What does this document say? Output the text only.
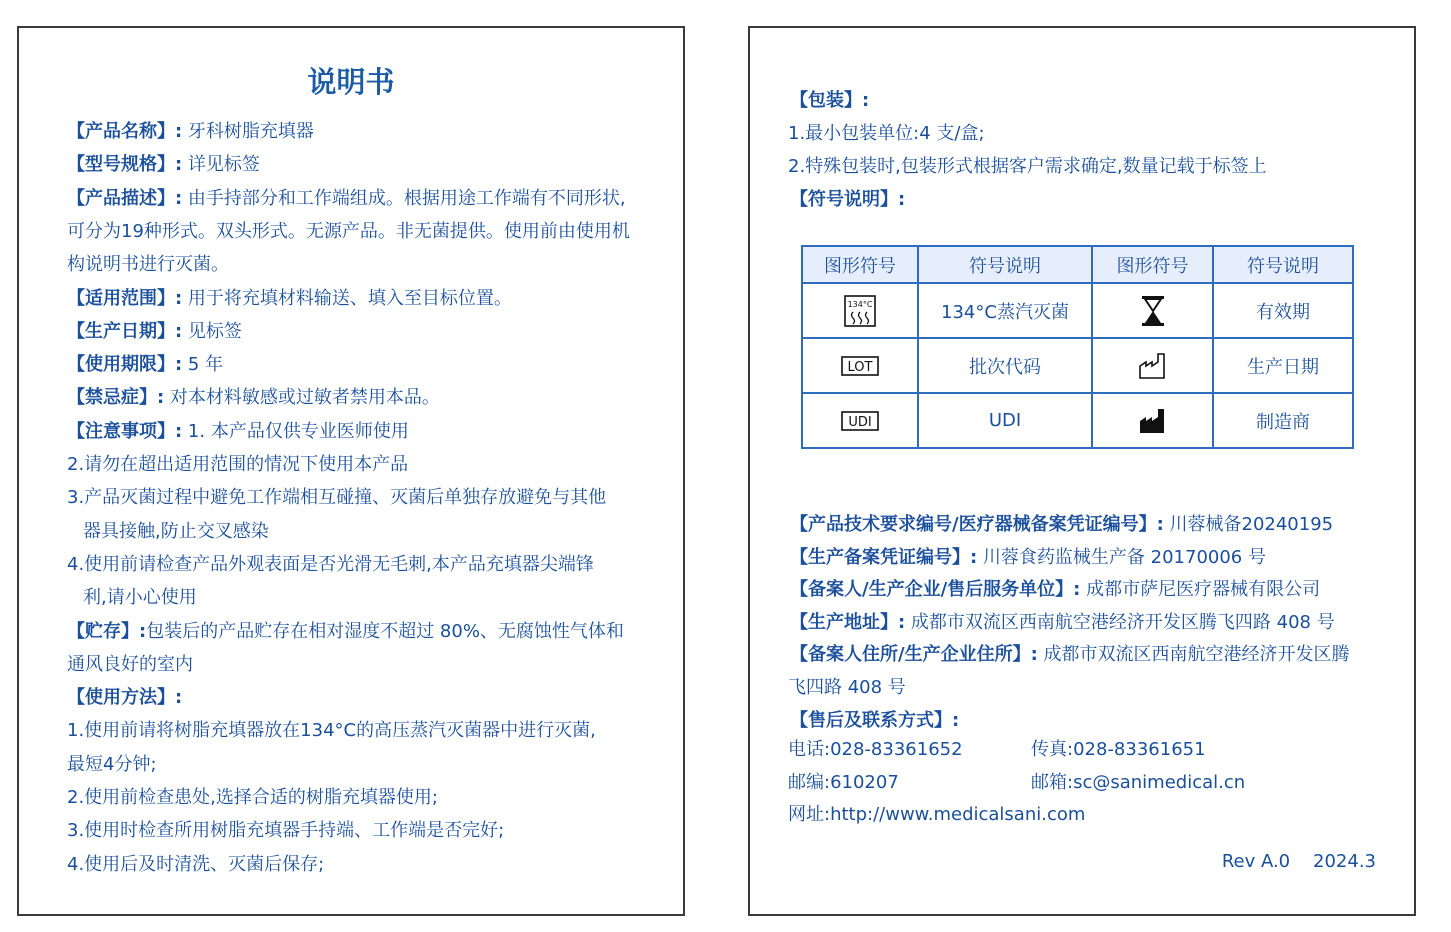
说明书
【产品名称】: 牙科树脂充填器
【型号规格】: 详见标签
【产品描述】: 由手持部分和工作端组成。根据用途工作端有不同形状,
可分为19种形式。双头形式。无源产品。非无菌提供。使用前由使用机
构说明书进行灭菌。
【适用范围】: 用于将充填材料输送、填入至目标位置。
【生产日期】: 见标签
【使用期限】: 5 年
【禁忌症】: 对本材料敏感或过敏者禁用本品。
【注意事项】: 1. 本产品仅供专业医师使用
2.请勿在超出适用范围的情况下使用本产品
3.产品灭菌过程中避免工作端相互碰撞、灭菌后单独存放避免与其他
器具接触,防止交叉感染
4.使用前请检查产品外观表面是否光滑无毛刺,本产品充填器尖端锋
利,请小心使用
【贮存】:包装后的产品贮存在相对湿度不超过 80%、无腐蚀性气体和
通风良好的室内
【使用方法】:
1.使用前请将树脂充填器放在134°C的高压蒸汽灭菌器中进行灭菌,
最短4分钟;
2.使用前检查患处,选择合适的树脂充填器使用;
3.使用时检查所用树脂充填器手持端、工作端是否完好;
4.使用后及时清洗、灭菌后保存;
【包装】:
1.最小包装单位:4 支/盒;
2.特殊包装时,包装形式根据客户需求确定,数量记载于标签上
【符号说明】:
图形符号	符号说明	图形符号	符号说明

134°C	134°C蒸汽灭菌		有效期

LOT	批次代码		生产日期

UDI	UDI		制造商
【产品技术要求编号/医疗器械备案凭证编号】: 川蓉械备20240195
【生产备案凭证编号】: 川蓉食药监械生产备 20170006 号
【备案人/生产企业/售后服务单位】: 成都市萨尼医疗器械有限公司
【生产地址】: 成都市双流区西南航空港经济开发区腾飞四路 408 号
【备案人住所/生产企业住所】: 成都市双流区西南航空港经济开发区腾
飞四路 408 号
【售后及联系方式】:
电话:028-83361652	传真:028-83361651
邮编:610207	邮箱:sc@sanimedical.cn
网址:http://www.medicalsani.com
Rev A.0    2024.3
